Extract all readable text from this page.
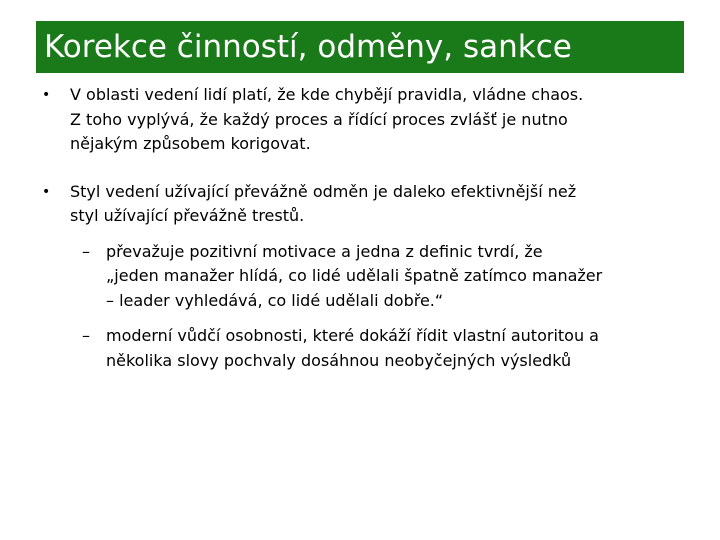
Korekce činností, odměny, sankce
• V oblasti vedení lidí platí, že kde chybějí pravidla, vládne chaos.
Z toho vyplývá, že každý proces a řídící proces zvlášť je nutno
nějakým způsobem korigovat.
• Styl vedení užívající převážně odměn je daleko efektivnější než
styl užívající převážně trestů.
– převažuje pozitivní motivace a jedna z definic tvrdí, že
„jeden manažer hlídá, co lidé udělali špatně zatímco manažer
– leader vyhledává, co lidé udělali dobře.“
– moderní vůdčí osobnosti, které dokáží řídit vlastní autoritou a
několika slovy pochvaly dosáhnou neobyčejných výsledků
